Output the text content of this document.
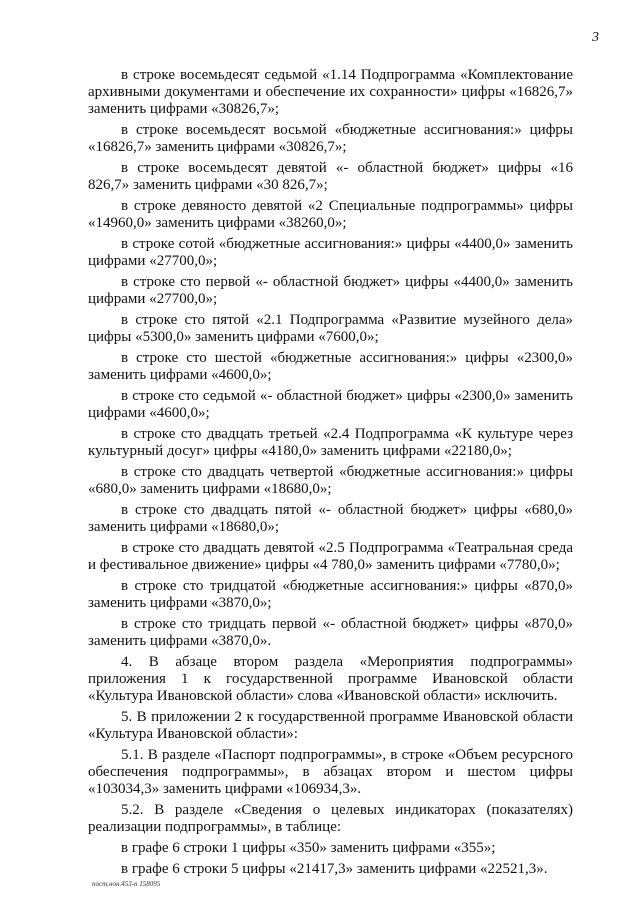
3

в строке восемьдесят седьмой «1.14 Подпрограмма «Комплектование архивными документами и обеспечение их сохранности» цифры «16826,7» заменить цифрами «30826,7»;

в строке восемьдесят восьмой «бюджетные ассигнования:» цифры «16826,7» заменить цифрами «30826,7»;

в строке восемьдесят девятой «- областной бюджет» цифры «16 826,7» заменить цифрами «30 826,7»;

в строке девяносто девятой «2 Специальные подпрограммы» цифры «14960,0» заменить цифрами «38260,0»;

в строке сотой «бюджетные ассигнования:» цифры «4400,0» заменить цифрами «27700,0»;

в строке сто первой «- областной бюджет» цифры «4400,0» заменить цифрами «27700,0»;

в строке сто пятой «2.1 Подпрограмма «Развитие музейного дела» цифры «5300,0» заменить цифрами «7600,0»;

в строке сто шестой «бюджетные ассигнования:» цифры «2300,0» заменить цифрами «4600,0»;

в строке сто седьмой «- областной бюджет» цифры «2300,0» заменить цифрами «4600,0»;

в строке сто двадцать третьей «2.4 Подпрограмма «К культуре через культурный досуг» цифры «4180,0» заменить цифрами «22180,0»;

в строке сто двадцать четвертой «бюджетные ассигнования:» цифры «680,0» заменить цифрами «18680,0»;

в строке сто двадцать пятой «- областной бюджет» цифры «680,0» заменить цифрами «18680,0»;

в строке сто двадцать девятой «2.5 Подпрограмма «Театральная среда и фестивальное движение» цифры «4 780,0» заменить цифрами «7780,0»;

в строке сто тридцатой «бюджетные ассигнования:» цифры «870,0» заменить цифрами «3870,0»;

в строке сто тридцать первой «- областной бюджет» цифры «870,0» заменить цифрами «3870,0».

4. В абзаце втором раздела «Мероприятия подпрограммы» приложения 1 к государственной программе Ивановской области «Культура Ивановской области» слова «Ивановской области» исключить.

5. В приложении 2 к государственной программе Ивановской области «Культура Ивановской области»:

5.1. В разделе «Паспорт подпрограммы», в строке «Объем ресурсного обеспечения подпрограммы», в абзацах втором и шестом цифры «103034,3» заменить цифрами «106934,3».

5.2. В разделе «Сведения о целевых индикаторах (показателях) реализации подпрограммы», в таблице:

в графе 6 строки 1 цифры «350» заменить цифрами «355»;

в графе 6 строки 5 цифры «21417,3» заменить цифрами «22521,3».

пост.нон.453-п 158095
